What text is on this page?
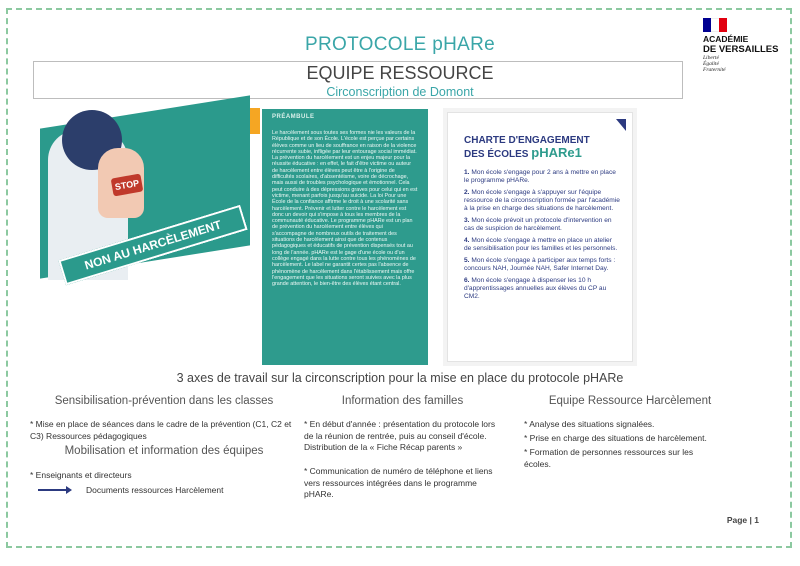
PROTOCOLE pHARe
EQUIPE RESSOURCE
Circonscription de Domont
ACADÉMIE
DE VERSAILLES
Liberté
Égalité
Fraternité
STOP
NON AU HARCÈLEMENT
PRÉAMBULE
Le harcèlement sous toutes ses formes nie les valeurs de la République et de son École. L'école est perçue par certains élèves comme un lieu de souffrance en raison de la violence récurrente subie, infligée par leur entourage social immédiat. La prévention du harcèlement est un enjeu majeur pour la réussite éducative : en effet, le fait d'être victime ou auteur de harcèlement entre élèves peut être à l'origine de difficultés scolaires, d'absentéisme, voire de décrochage, mais aussi de troubles psychologique et émotionnel. Cela peut conduire à des dépressions graves pour celui qui en est victime, menant parfois jusqu'au suicide. La loi Pour une École de la confiance affirme le droit à une scolarité sans harcèlement. Prévenir et lutter contre le harcèlement est donc un devoir qui s'impose à tous les membres de la communauté éducative. Le programme pHARe est un plan de prévention du harcèlement entre élèves qui s'accompagne de nombreux outils de traitement des situations de harcèlement ainsi que de contenus pédagogiques et éducatifs de prévention dispensés tout au long de l'année. pHARe est le gage d'une école ou d'un collège engagé dans la lutte contre tous les phénomènes de harcèlement. Le label ne garantit certes pas l'absence de phénomène de harcèlement dans l'établissement mais offre l'engagement que les situations seront suivies avec la plus grande attention, le bien-être des élèves étant central.
CHARTE D'ENGAGEMENT
DES ÉCOLES pHARe1
1. Mon école s'engage pour 2 ans à mettre en place le programme pHARe.
2. Mon école s'engage à s'appuyer sur l'équipe ressource de la circonscription formée par l'académie à la prise en charge des situations de harcèlement.
3. Mon école prévoit un protocole d'intervention en cas de suspicion de harcèlement.
4. Mon école s'engage à mettre en place un atelier de sensibilisation pour les familles et les personnels.
5. Mon école s'engage à participer aux temps forts : concours NAH, Journée NAH, Safer Internet Day.
6. Mon école s'engage à dispenser les 10 h d'apprentissages annuelles aux élèves du CP au CM2.
3 axes de travail sur la circonscription pour la mise en place du protocole pHARe
Sensibilisation-prévention dans les classes
* Mise en place de séances dans le cadre de la prévention (C1, C2 et C3) Ressources pédagogiques
Mobilisation et information des équipes
* Enseignants et directeurs
Documents ressources Harcèlement
Information des familles
* En début d'année : présentation du protocole lors de la réunion de rentrée, puis au conseil d'école. Distribution de la « Fiche Récap parents »
* Communication de numéro de téléphone et liens vers ressources intégrées dans le programme pHARe.
Equipe Ressource Harcèlement
* Analyse des situations signalées.
* Prise en charge des situations de harcèlement.
* Formation de personnes ressources sur les écoles.
Page | 1
